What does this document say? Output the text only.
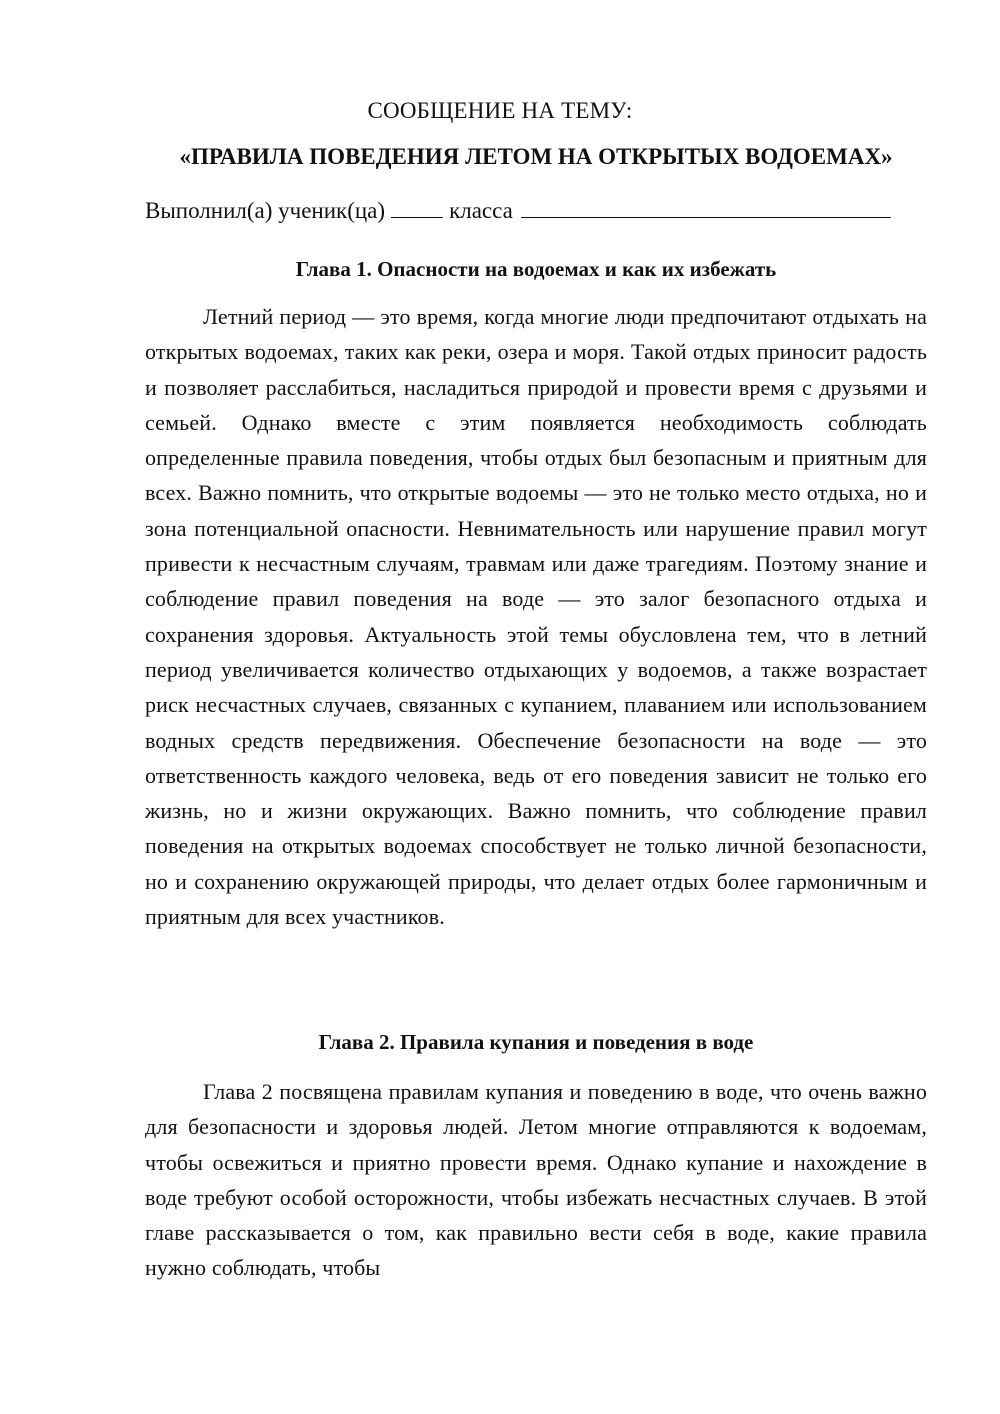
СООБЩЕНИЕ НА ТЕМУ:
«ПРАВИЛА ПОВЕДЕНИЯ ЛЕТОМ НА ОТКРЫТЫХ ВОДОЕМАХ»
Выполнил(а) ученик(ца)	класса
Глава 1. Опасности на водоемах и как их избежать

Летний период — это время, когда многие люди предпочитают отдыхать на открытых водоемах, таких как реки, озера и моря. Такой отдых приносит радость и позволяет расслабиться, насладиться природой и провести время с друзьями и семьей. Однако вместе с этим появляется необходимость соблюдать определенные правила поведения, чтобы отдых был безопасным и приятным для всех. Важно помнить, что открытые водоемы — это не только место отдыха, но и зона потенциальной опасности. Невнимательность или нарушение правил могут привести к несчастным случаям, травмам или даже трагедиям. Поэтому знание и соблюдение правил поведения на воде — это залог безопасного отдыха и сохранения здоровья. Актуальность этой темы обусловлена тем, что в летний период увеличивается количество отдыхающих у водоемов, а также возрастает риск несчастных случаев, связанных с купанием, плаванием или использованием водных средств передвижения. Обеспечение безопасности на воде — это ответственность каждого человека, ведь от его поведения зависит не только его жизнь, но и жизни окружающих. Важно помнить, что соблюдение правил поведения на открытых водоемах способствует не только личной безопасности, но и сохранению окружающей природы, что делает отдых более гармоничным и приятным для всех участников.

Глава 2. Правила купания и поведения в воде

Глава 2 посвящена правилам купания и поведению в воде, что очень важно для безопасности и здоровья людей. Летом многие отправляются к водоемам, чтобы освежиться и приятно провести время. Однако купание и нахождение в воде требуют особой осторожности, чтобы избежать несчастных случаев. В этой главе рассказывается о том, как правильно вести себя в воде, какие правила нужно соблюдать, чтобы
